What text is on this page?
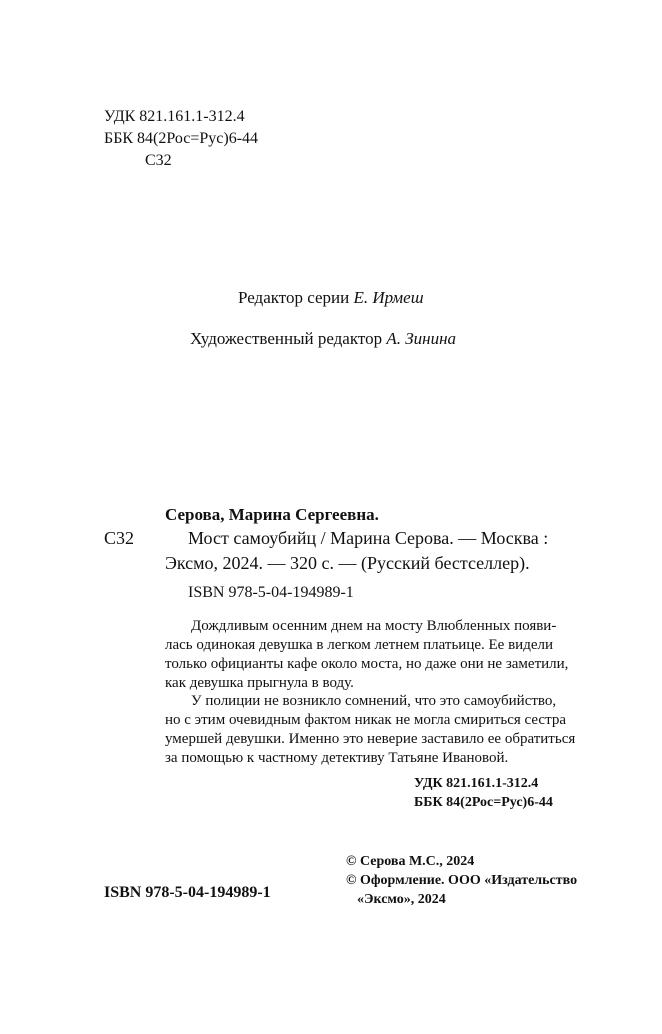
УДК 821.161.1-312.4
ББК 84(2Рос=Рус)6-44
С32
Редактор серии Е. Ирмеш
Художественный редактор А. Зинина
Серова, Марина Сергеевна.
С32	Мост самоубийц / Марина Серова. — Москва :
Эксмо, 2024. — 320 с. — (Русский бестселлер).
ISBN 978-5-04-194989-1
Дождливым осенним днем на мосту Влюбленных появи-
лась одинокая девушка в легком летнем платьице. Ее видели
только официанты кафе около моста, но даже они не заметили,
как девушка прыгнула в воду.
У полиции не возникло сомнений, что это самоубийство,
но с этим очевидным фактом никак не могла смириться сестра
умершей девушки. Именно это неверие заставило ее обратиться
за помощью к частному детективу Татьяне Ивановой.
УДК 821.161.1-312.4
ББК 84(2Рос=Рус)6-44
© Серова М.С., 2024
© Оформление. ООО «Издательство
«Эксмо», 2024
ISBN 978-5-04-194989-1
